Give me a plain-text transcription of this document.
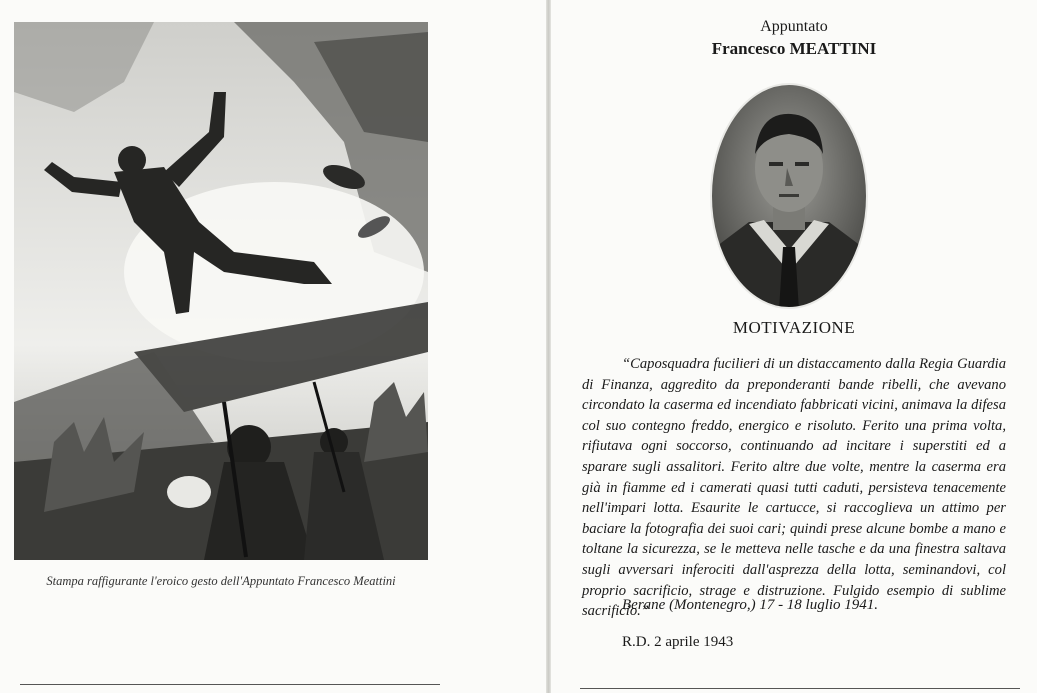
Stampa raffigurante l'eroico gesto dell'Appuntato Francesco Meattini
Appuntato
Francesco MEATTINI
MOTIVAZIONE

“Caposquadra fucilieri di un distaccamento dalla Regia Guardia di Finanza, aggredito da preponderanti bande ribelli, che avevano circondato la caserma ed incendiato fabbricati vicini, animava la difesa col suo contegno freddo, energico e risoluto. Ferito una prima volta, rifiutava ogni soccorso, continuando ad incitare i superstiti ed a sparare sugli assalitori. Ferito altre due volte, mentre la caserma era già in fiamme ed i camerati quasi tutti caduti, persisteva tenacemente nell'impari lotta. Esaurite le cartucce, si raccoglieva un attimo per baciare la fotografia dei suoi cari; quindi prese alcune bombe a mano e toltane la sicurezza, se le metteva nelle tasche e da una finestra saltava sugli avversari inferociti dall'asprezza della lotta, seminandovi, col proprio sacrificio, strage e distruzione. Fulgido esempio di sublime sacrificio.”

Berane (Montenegro,) 17 - 18 luglio 1941.
R.D. 2 aprile 1943
